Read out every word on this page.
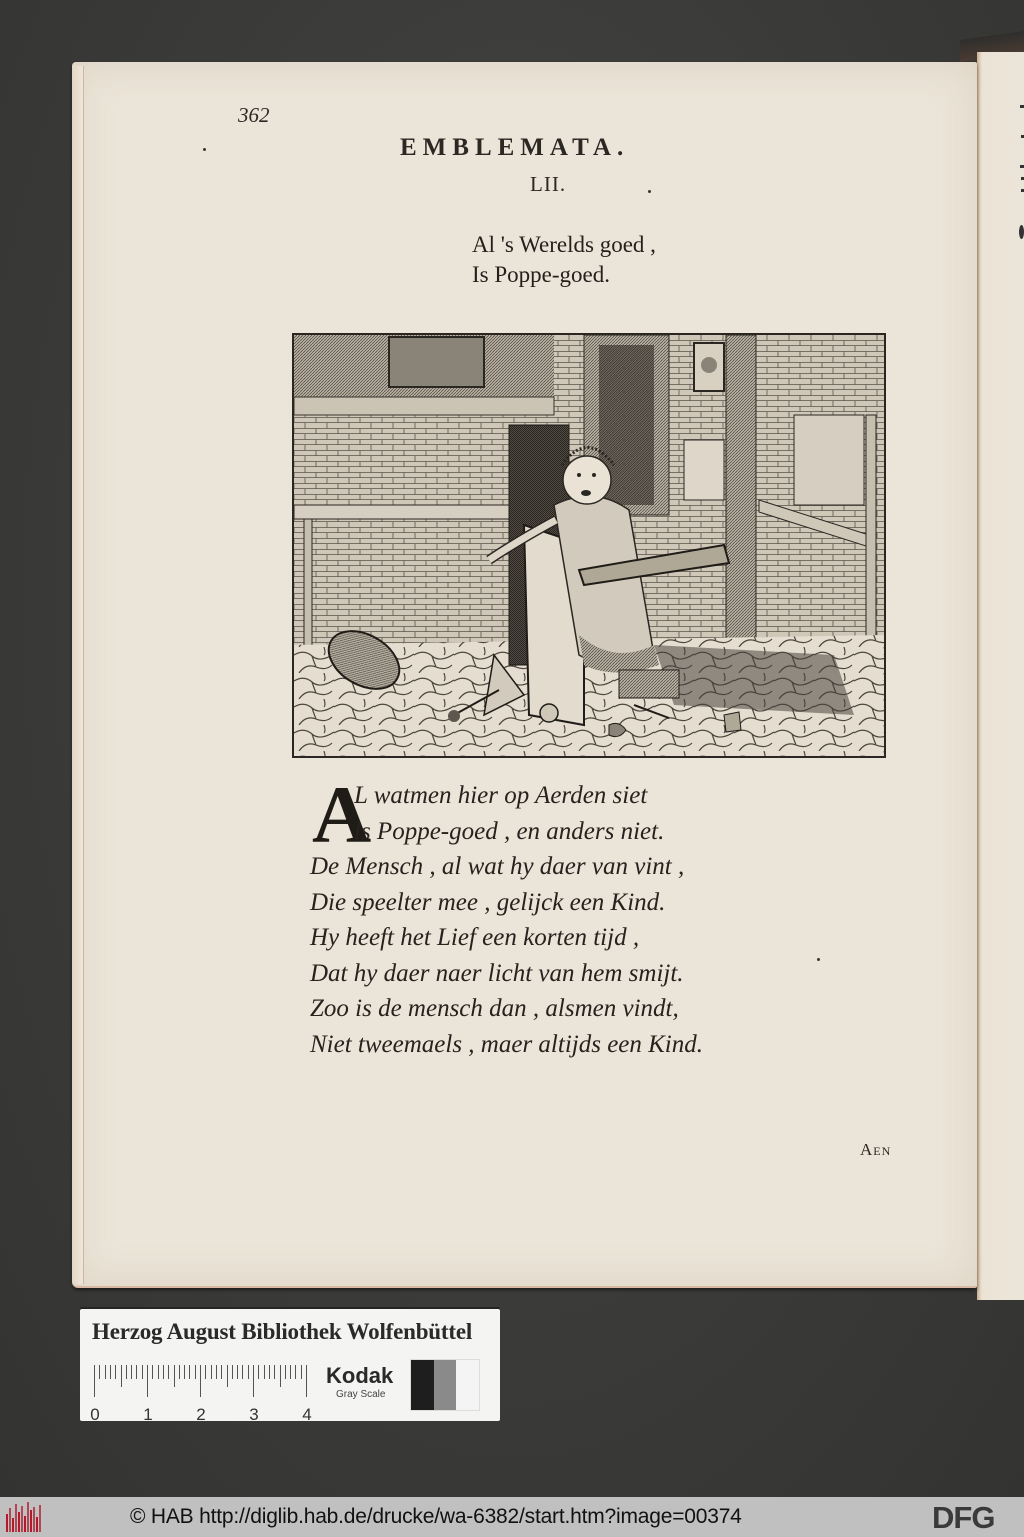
362
EMBLEMATA.
LII.
Al 's Werelds goed ,
Is Poppe-goed.
A
L watmen hier op Aerden siet
ls Poppe-goed , en anders niet.
De Mensch , al wat hy daer van vint ,
Die speelter mee , gelijck een Kind.
Hy heeft het Lief een korten tijd ,
Dat hy daer naer licht van hem smijt.
Zoo is de mensch dan , alsmen vindt,
Niet tweemaels , maer altijds een Kind.
Aen
Herzog August Bibliothek Wolfenbüttel
0	1	2	3	4
Kodak
Gray Scale
© HAB http://diglib.hab.de/drucke/wa-6382/start.htm?image=00374	DFG
